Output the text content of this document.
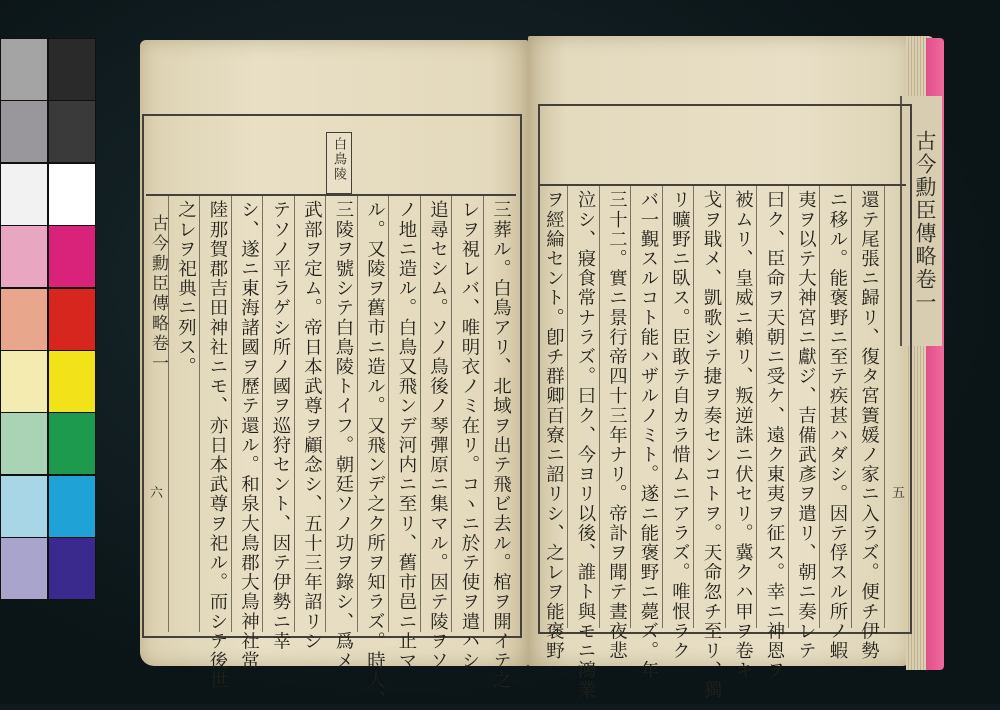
古今勳臣傳略卷一
白鳥陵
古今勳臣傳略卷一
六	三葬ル。白鳥アリ、北域ヲ出テ飛ビ去ル。棺ヲ開イテ之
レヲ視レバ、唯明衣ノミ在リ。コヽニ於テ使ヲ遣ハシ
追尋セシム。ソノ鳥後ノ琴彈原ニ集マル。因テ陵ヲソ
ノ地ニ造ル。白鳥又飛ンデ河内ニ至リ、舊市邑ニ止マ
ル。又陵ヲ舊市ニ造ル。又飛ンデ之ク所ヲ知ラズ。時人、
三陵ヲ號シテ白鳥陵トイフ。朝廷ソノ功ヲ錄シ、爲メ
武部ヲ定ム。帝日本武尊ヲ顧念シ、五十三年詔リシ
テソノ平ラゲシ所ノ國ヲ巡狩セント、因テ伊勢ニ幸
シ、遂ニ東海諸國ヲ歷テ還ル。和泉大鳥郡大鳥神社常
陸那賀郡吉田神社ニモ、亦日本武尊ヲ祀ル。而シテ後世
之レヲ祀典ニ列ス。
五
還テ尾張ニ歸リ、復タ宮簀媛ノ家ニ入ラズ。便チ伊勢
ニ移ル。能褒野ニ至テ疾甚ハダシ。因テ俘スル所ノ蝦
夷ヲ以テ大神宮ニ獻ジ、吉備武彥ヲ遣リ、朝ニ奏レテ
曰ク、臣命ヲ天朝ニ受ケ、遠ク東夷ヲ征ス。幸ニ神恩ヲ
被ムリ、皇威ニ賴リ、叛逆誅ニ伏セリ。冀クハ甲ヲ卷キ
戈ヲ戢メ、凱歌シテ捷ヲ奏センコトヲ。天命忽チ至リ、獨
リ曠野ニ臥ス。臣敢テ自カラ惜ムニアラズ。唯恨ラク
バ一覲スルコト能ハザルノミト。遂ニ能褒野ニ薨ズ。年
三十二。實ニ景行帝四十三年ナリ。帝訃ヲ聞テ晝夜悲
泣シ、寢食常ナラズ。曰ク、今ヨリ以後、誰ト與モニ鴻業
ヲ經綸セント。卽チ群卿百寮ニ詔リシ、之レヲ能褒野
